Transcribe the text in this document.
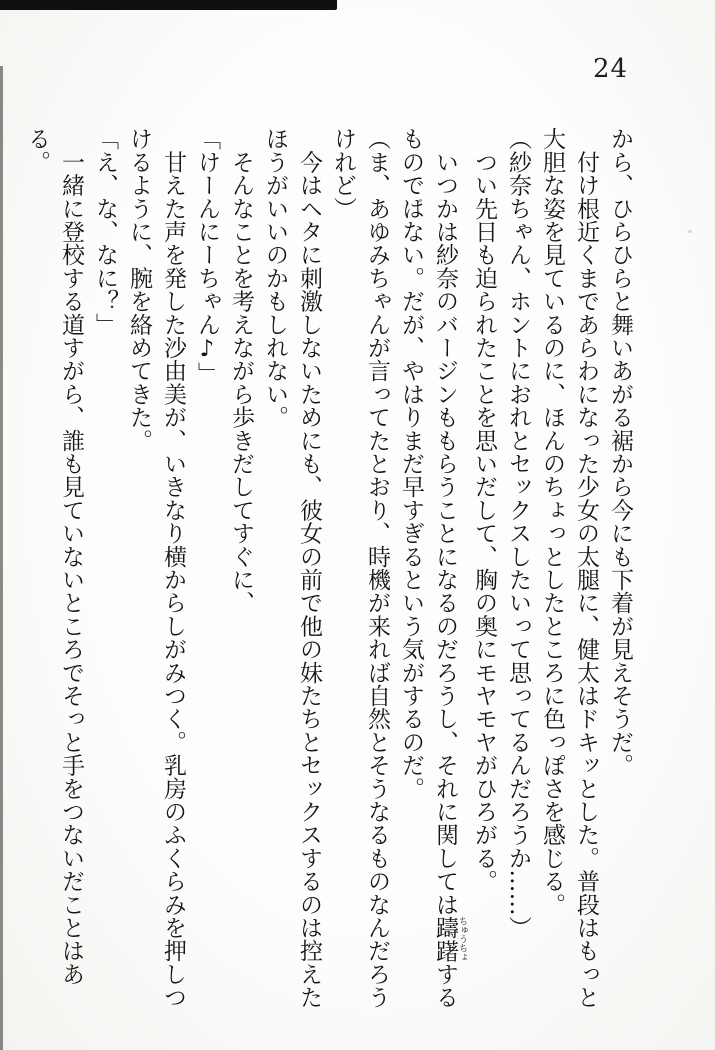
24
から、ひらひらと舞いあがる裾から今にも下着が見えそうだ。
　付け根近くまであらわになった少女の太腿に、健太はドキッとした。普段はもっと
大胆な姿を見ているのに、ほんのちょっとしたところに色っぽさを感じる。
（紗奈ちゃん、ホントにおれとセックスしたいって思ってるんだろうか……）
　つい先日も迫られたことを思いだして、胸の奥にモヤモヤがひろがる。
　いつかは紗奈のバージンももらうことになるのだろうし、それに関しては躊躇 ちゅうちょする
ものではない。だが、やはりまだ早すぎるという気がするのだ。
（ま、あゆみちゃんが言ってたとおり、時機が来れば自然とそうなるものなんだろう
けれど）
　今はヘタに刺激しないためにも、彼女の前で他の妹たちとセックスするのは控えた
ほうがいいのかもしれない。
　そんなことを考えながら歩きだしてすぐに、
「けーんにーちゃん♪」
　甘えた声を発した沙由美が、いきなり横からしがみつく。乳房のふくらみを押しつ
けるように、腕を絡めてきた。
「え、な、なに？」
　一緒に登校する道すがら、誰も見ていないところでそっと手をつないだことはある。
